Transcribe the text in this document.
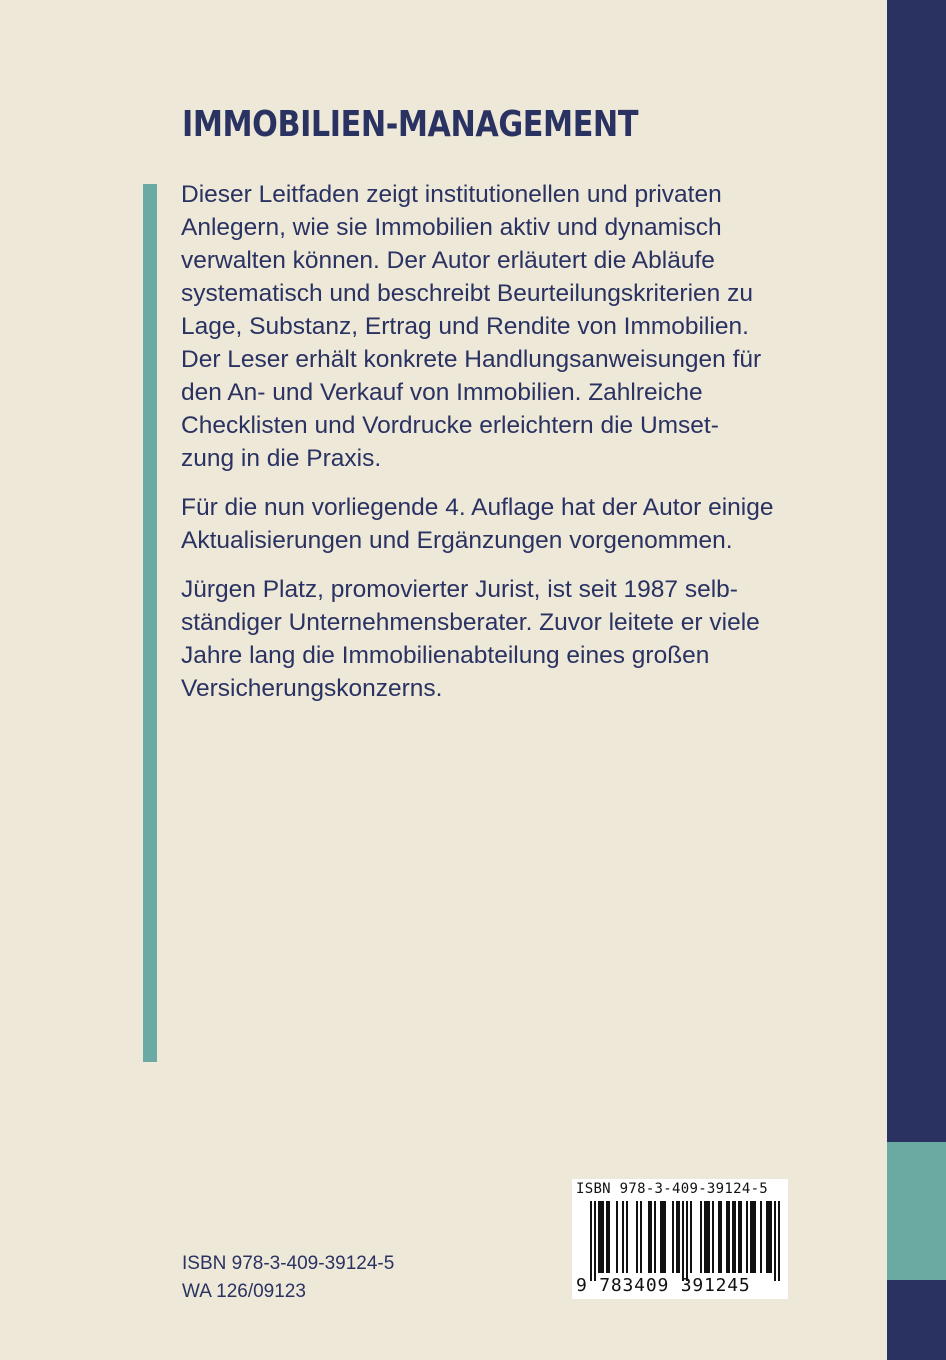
IMMOBILIEN-MANAGEMENT

Dieser Leitfaden zeigt institutionellen und privaten
Anlegern, wie sie Immobilien aktiv und dynamisch
verwalten können. Der Autor erläutert die Abläufe
systematisch und beschreibt Beurteilungskriterien zu
Lage, Substanz, Ertrag und Rendite von Immobilien.
Der Leser erhält konkrete Handlungsanweisungen für
den An- und Verkauf von Immobilien. Zahlreiche
Checklisten und Vordrucke erleichtern die Umset-
zung in die Praxis.

Für die nun vorliegende 4. Auflage hat der Autor einige
Aktualisierungen und Ergänzungen vorgenommen.

Jürgen Platz, promovierter Jurist, ist seit 1987 selb-
ständiger Unternehmensberater. Zuvor leitete er viele
Jahre lang die Immobilienabteilung eines großen
Versicherungskonzerns.

ISBN 978-3-409-39124-5
WA 126/09123
ISBN 978-3-409-39124-5
9 783409 391245
